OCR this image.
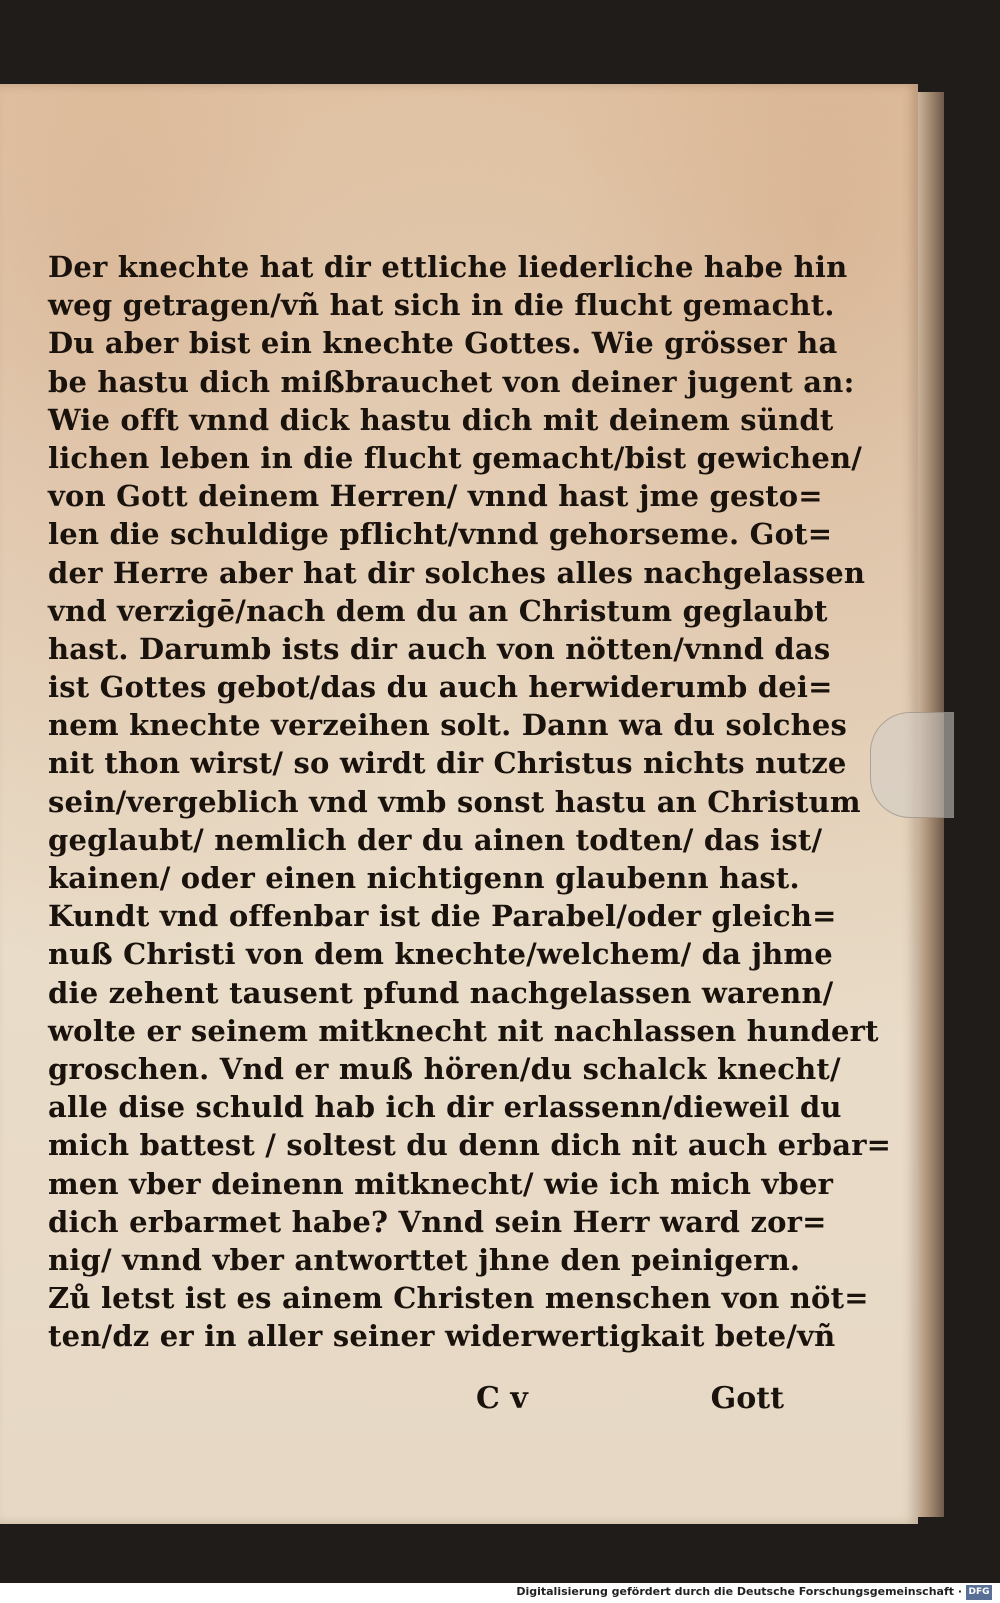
Der knechte hat dir ettliche liederliche habe hin
weg getragen/vñ hat sich in die flucht gemacht.
Du aber bist ein knechte Gottes. Wie grösser ha
be hastu dich mißbrauchet von deiner jugent an:
Wie offt vnnd dick hastu dich mit deinem sündt
lichen leben in die flucht gemacht/bist gewichen/
von Gott deinem Herren/ vnnd hast jme gesto=
len die schuldige pflicht/vnnd gehorseme. Got=
der Herre aber hat dir solches alles nachgelassen
vnd verzigē/nach dem du an Christum geglaubt
hast. Darumb ists dir auch von nötten/vnnd das
ist Gottes gebot/das du auch herwiderumb dei=
nem knechte verzeihen solt. Dann wa du solches
nit thon wirst/ so wirdt dir Christus nichts nutze
sein/vergeblich vnd vmb sonst hastu an Christum
geglaubt/ nemlich der du ainen todten/ das ist/
kainen/ oder einen nichtigenn glaubenn hast.
Kundt vnd offenbar ist die Parabel/oder gleich=
nuß Christi von dem knechte/welchem/ da jhme
die zehent tausent pfund nachgelassen warenn/
wolte er seinem mitknecht nit nachlassen hundert
groschen. Vnd er muß hören/du schalck knecht/
alle dise schuld hab ich dir erlassenn/dieweil du
mich battest / soltest du denn dich nit auch erbar=
men vber deinenn mitknecht/ wie ich mich vber
dich erbarmet habe? Vnnd sein Herr ward zor=
nig/ vnnd vber antworttet jhne den peinigern.
Zů letst ist es ainem Christen menschen von nöt=
ten/dz er in aller seiner widerwertigkait bete/vñ
C v	Gott
Digitalisierung gefördert durch die Deutsche Forschungsgemeinschaft · DFG
